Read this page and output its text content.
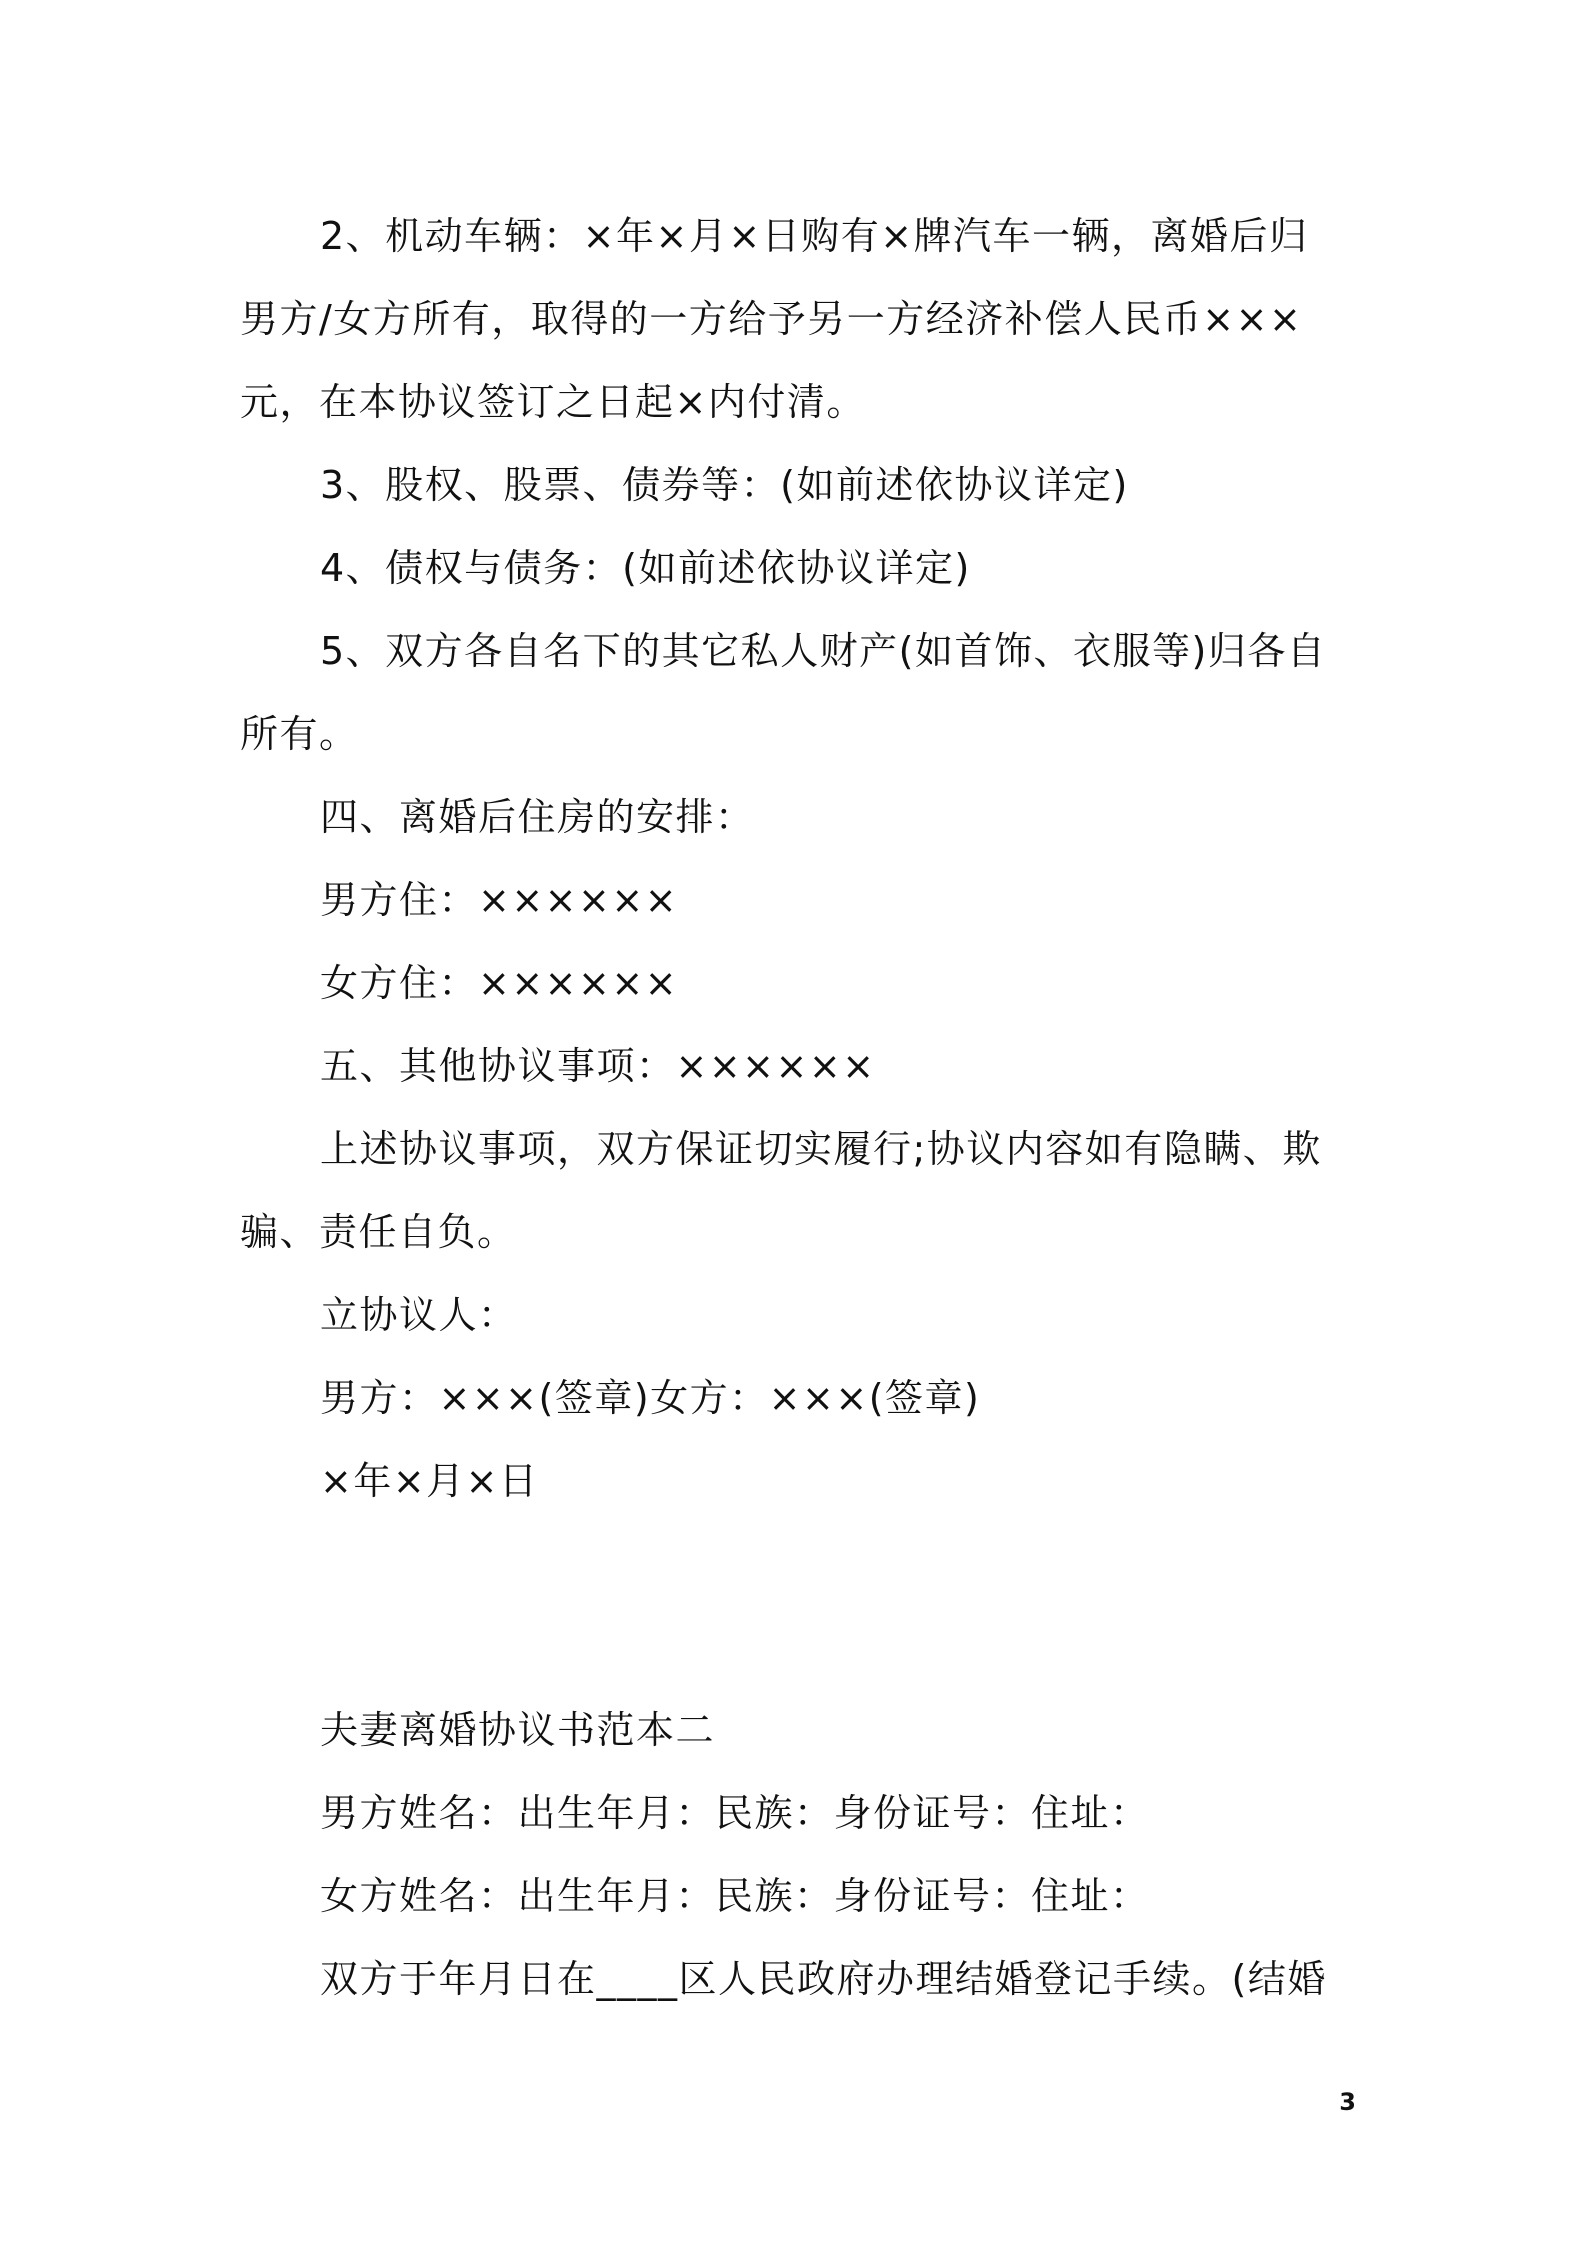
2、机动车辆：×年×月×日购有×牌汽车一辆，离婚后归

男方/女方所有，取得的一方给予另一方经济补偿人民币×××

元，在本协议签订之日起×内付清。

3、股权、股票、债券等：(如前述依协议详定)

4、债权与债务：(如前述依协议详定)

5、双方各自名下的其它私人财产(如首饰、衣服等)归各自

所有。

四、离婚后住房的安排：

男方住：××××××

女方住：××××××

五、其他协议事项：××××××

上述协议事项，双方保证切实履行;协议内容如有隐瞒、欺

骗、责任自负。

立协议人：

男方：×××(签章)女方：×××(签章)

×年×月×日

夫妻离婚协议书范本二

男方姓名：出生年月：民族：身份证号：住址：

女方姓名：出生年月：民族：身份证号：住址：

双方于年月日在____区人民政府办理结婚登记手续。(结婚

3
